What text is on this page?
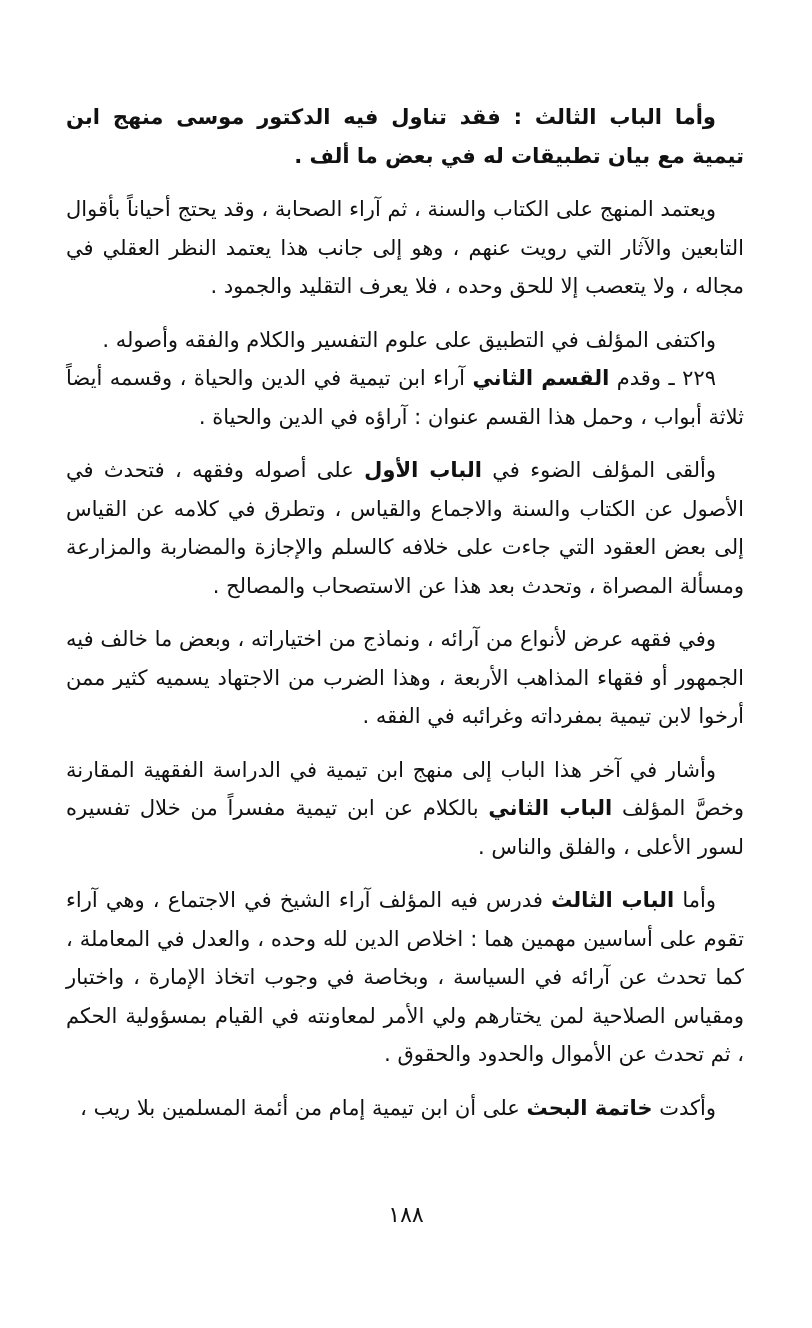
وأما الباب الثالث : فقد تناول فيه الدكتور موسى منهج ابن تيمية مع بيان تطبيقات له في بعض ما ألف .

ويعتمد المنهج على الكتاب والسنة ، ثم آراء الصحابة ، وقد يحتج أحياناً بأقوال التابعين والآثار التي رويت عنهم ، وهو إلى جانب هذا يعتمد النظر العقلي في مجاله ، ولا يتعصب إلا للحق وحده ، فلا يعرف التقليد والجمود .

واكتفى المؤلف في التطبيق على علوم التفسير والكلام والفقه وأصوله .

٢٢٩ ـ وقدم القسم الثاني آراء ابن تيمية في الدين والحياة ، وقسمه أيضاً ثلاثة أبواب ، وحمل هذا القسم عنوان : آراؤه في الدين والحياة .

وألقى المؤلف الضوء في الباب الأول على أصوله وفقهه ، فتحدث في الأصول عن الكتاب والسنة والاجماع والقياس ، وتطرق في كلامه عن القياس إلى بعض العقود التي جاءت على خلافه كالسلم والإجازة والمضاربة والمزارعة ومسألة المصراة ، وتحدث بعد هذا عن الاستصحاب والمصالح .

وفي فقهه عرض لأنواع من آرائه ، ونماذج من اختياراته ، وبعض ما خالف فيه الجمهور أو فقهاء المذاهب الأربعة ، وهذا الضرب من الاجتهاد يسميه كثير ممن أرخوا لابن تيمية بمفرداته وغرائبه في الفقه .

وأشار في آخر هذا الباب إلى منهج ابن تيمية في الدراسة الفقهية المقارنة وخصَّ المؤلف الباب الثاني بالكلام عن ابن تيمية مفسراً من خلال تفسيره لسور الأعلى ، والفلق والناس .

وأما الباب الثالث فدرس فيه المؤلف آراء الشيخ في الاجتماع ، وهي آراء تقوم على أساسين مهمين هما : اخلاص الدين لله وحده ، والعدل في المعاملة ، كما تحدث عن آرائه في السياسة ، وبخاصة في وجوب اتخاذ الإمارة ، واختبار ومقياس الصلاحية لمن يختارهم ولي الأمر لمعاونته في القيام بمسؤولية الحكم ، ثم تحدث عن الأموال والحدود والحقوق .

وأكدت خاتمة البحث على أن ابن تيمية إمام من أئمة المسلمين بلا ريب ،

١٨٨
